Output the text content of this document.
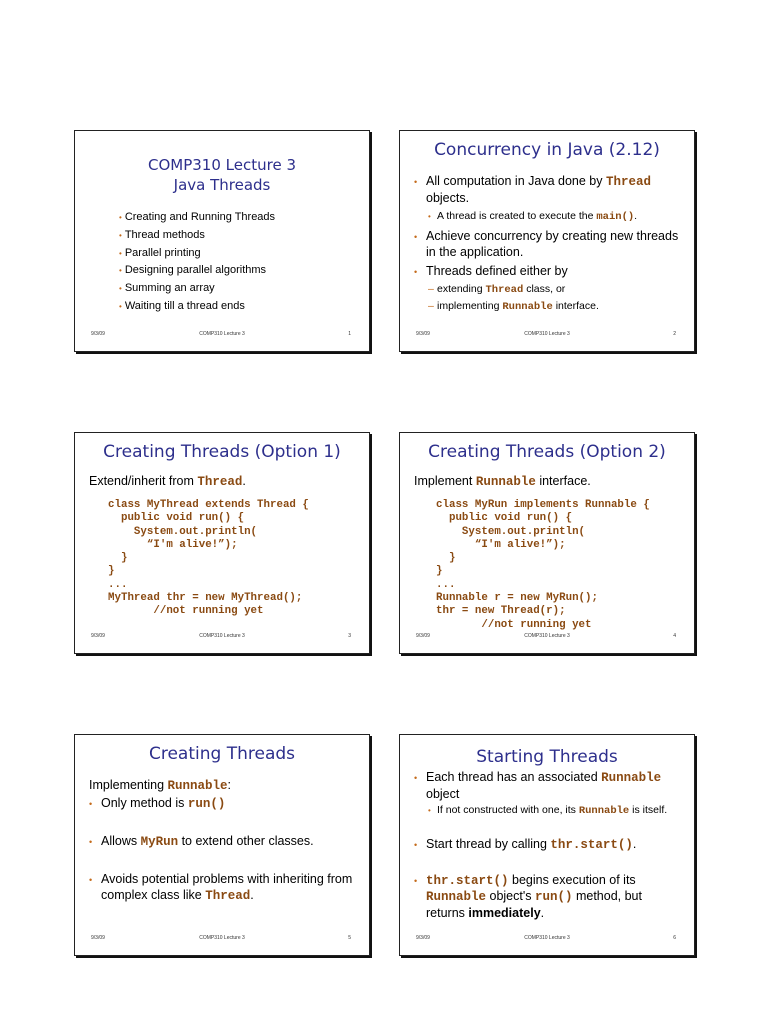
COMP310 Lecture 3
Java Threads
• Creating and Running Threads
• Thread methods
• Parallel printing
• Designing parallel algorithms
• Summing an array
• Waiting till a thread ends
9/3/09	COMP310 Lecture 3	1
Concurrency in Java (2.12)
• All computation in Java done by Thread
objects.
• A thread is created to execute the main().
• Achieve concurrency by creating new threads in the application.
• Threads defined either by
– extending Thread class, or
– implementing Runnable interface.
9/3/09	COMP310 Lecture 3	2
Creating Threads (Option 1)
Extend/inherit from Thread.
class MyThread extends Thread {
public void run() {
System.out.println(
“I'm alive!”);
}
}
...
MyThread thr = new MyThread();
//not running yet
9/3/09	COMP310 Lecture 3	3
Creating Threads (Option 2)
Implement Runnable interface.
class MyRun implements Runnable {
public void run() {
System.out.println(
“I'm alive!”);
}
}
...
Runnable r = new MyRun();
thr = new Thread(r);
//not running yet
9/3/09	COMP310 Lecture 3	4
Creating Threads
Implementing Runnable:
• Only method is run()
• Allows MyRun to extend other classes.
• Avoids potential problems with inheriting from complex class like Thread.
9/3/09	COMP310 Lecture 3	5
Starting Threads
• Each thread has an associated Runnable
object
• If not constructed with one, its Runnable is itself.
• Start thread by calling thr.start().
• thr.start() begins execution of its Runnable object's run() method, but returns immediately.
9/3/09	COMP310 Lecture 3	6
